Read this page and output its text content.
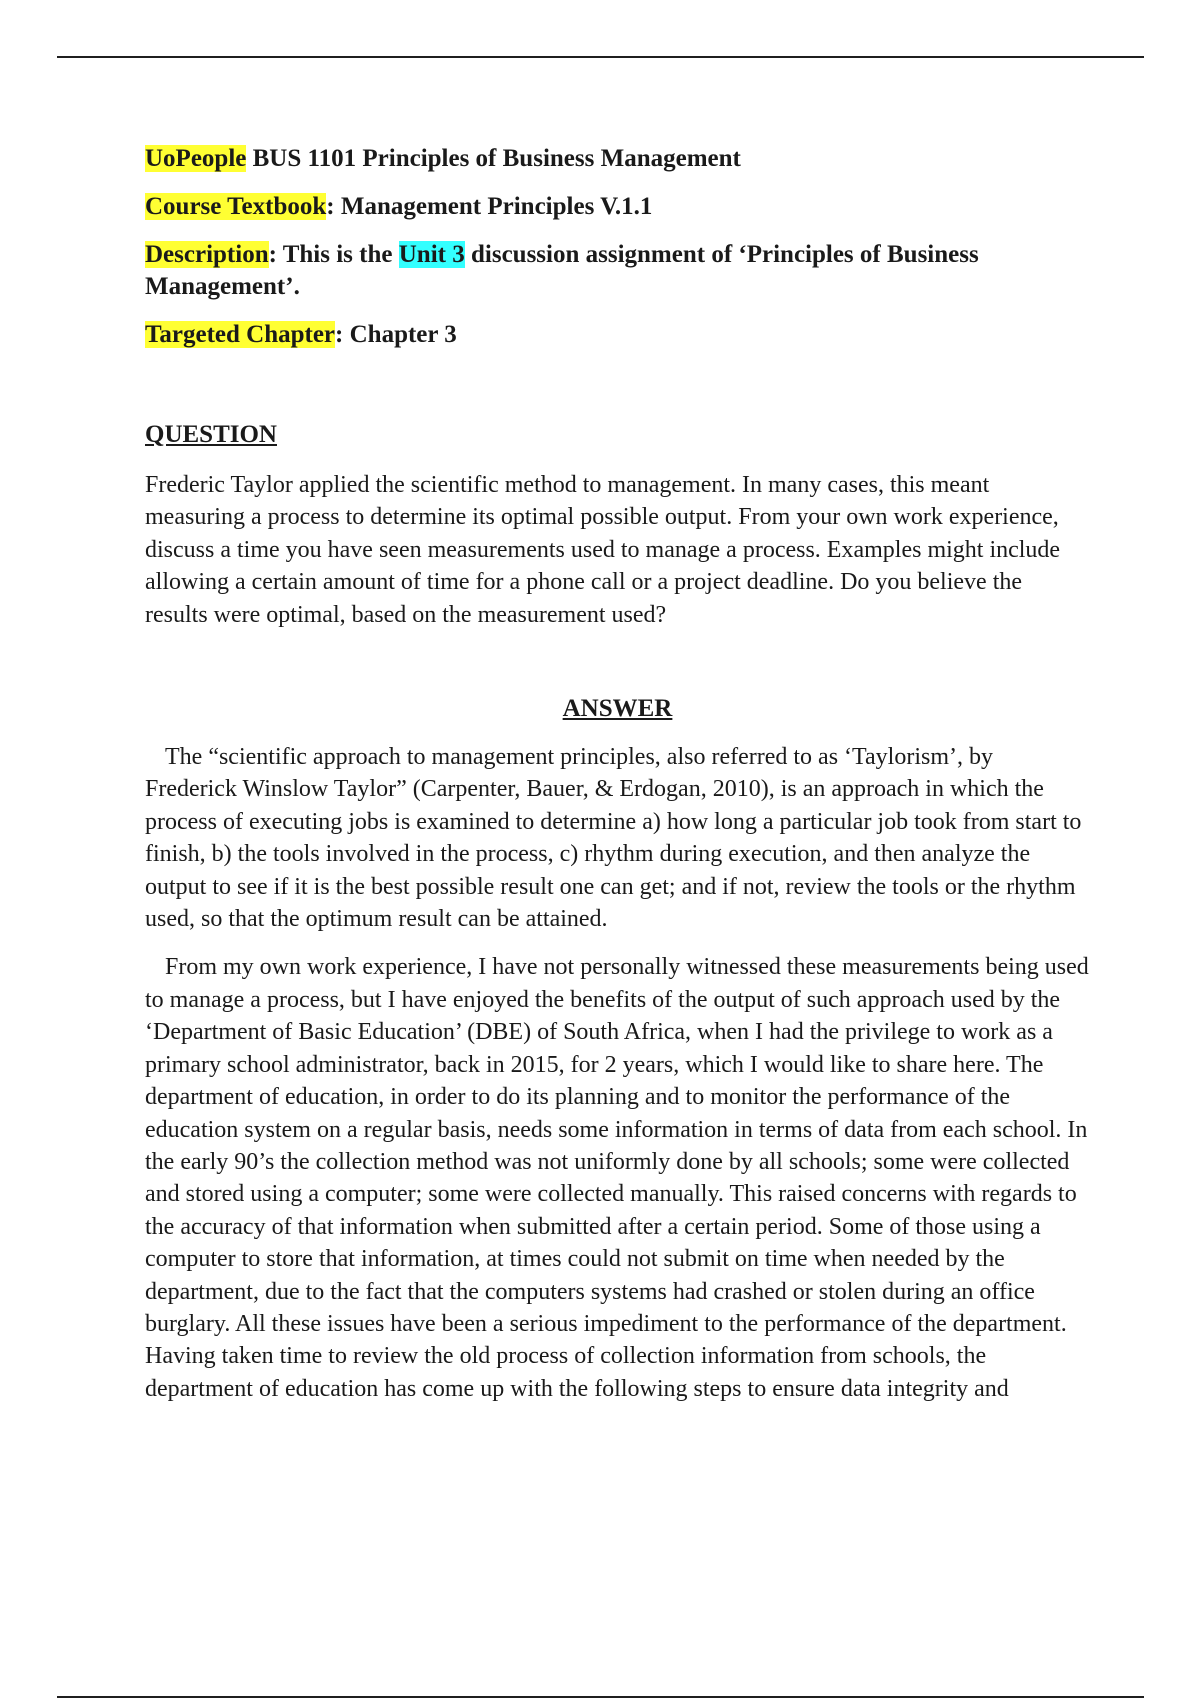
UoPeople BUS 1101 Principles of Business Management

Course Textbook: Management Principles V.1.1

Description: This is the Unit 3 discussion assignment of ‘Principles of Business Management’.

Targeted Chapter: Chapter 3

QUESTION

Frederic Taylor applied the scientific method to management. In many cases, this meant measuring a process to determine its optimal possible output. From your own work experience, discuss a time you have seen measurements used to manage a process. Examples might include allowing a certain amount of time for a phone call or a project deadline. Do you believe the results were optimal, based on the measurement used?

ANSWER

The “scientific approach to management principles, also referred to as ‘Taylorism’, by Frederick Winslow Taylor” (Carpenter, Bauer, & Erdogan, 2010), is an approach in which the process of executing jobs is examined to determine a) how long a particular job took from start to finish, b) the tools involved in the process, c) rhythm during execution, and then analyze the output to see if it is the best possible result one can get; and if not, review the tools or the rhythm used, so that the optimum result can be attained.

From my own work experience, I have not personally witnessed these measurements being used to manage a process, but I have enjoyed the benefits of the output of such approach used by the ‘Department of Basic Education’ (DBE) of South Africa, when I had the privilege to work as a primary school administrator, back in 2015, for 2 years, which I would like to share here. The department of education, in order to do its planning and to monitor the performance of the education system on a regular basis, needs some information in terms of data from each school. In the early 90’s the collection method was not uniformly done by all schools; some were collected and stored using a computer; some were collected manually. This raised concerns with regards to the accuracy of that information when submitted after a certain period. Some of those using a computer to store that information, at times could not submit on time when needed by the department, due to the fact that the computers systems had crashed or stolen during an office burglary. All these issues have been a serious impediment to the performance of the department. Having taken time to review the old process of collection information from schools, the department of education has come up with the following steps to ensure data integrity and
